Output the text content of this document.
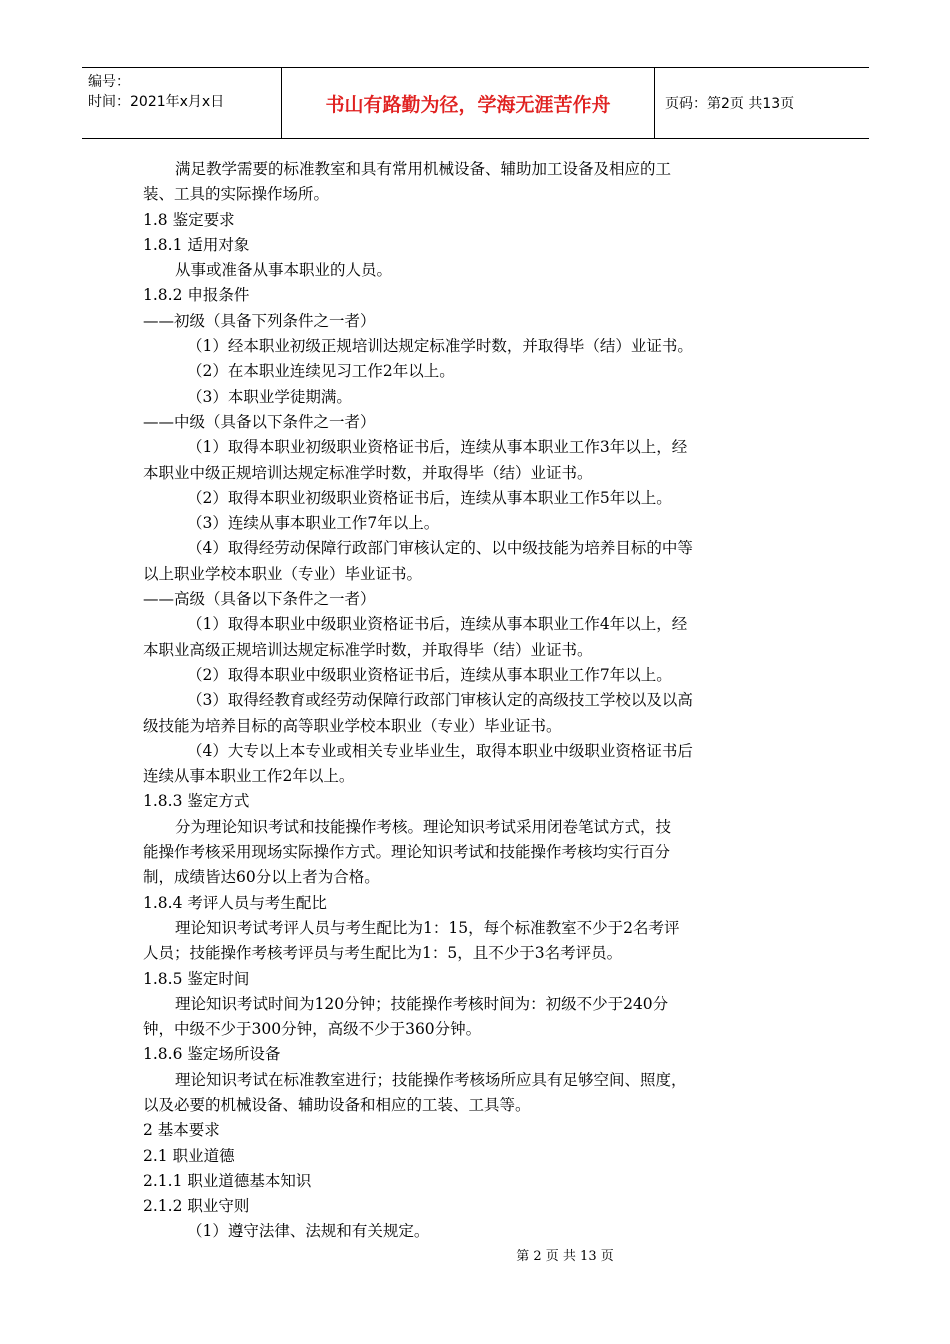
编号：
时间：2021年x月x日	书山有路勤为径，学海无涯苦作舟	页码：第2页 共13页
满足教学需要的标准教室和具有常用机械设备、辅助加工设备及相应的工
装、工具的实际操作场所。
1.8 鉴定要求
1.8.1 适用对象
从事或准备从事本职业的人员。
1.8.2 申报条件
——初级（具备下列条件之一者）
（1）经本职业初级正规培训达规定标准学时数，并取得毕（结）业证书。
（2）在本职业连续见习工作2年以上。
（3）本职业学徒期满。
——中级（具备以下条件之一者）
（1）取得本职业初级职业资格证书后，连续从事本职业工作3年以上，经
本职业中级正规培训达规定标准学时数，并取得毕（结）业证书。
（2）取得本职业初级职业资格证书后，连续从事本职业工作5年以上。
（3）连续从事本职业工作7年以上。
（4）取得经劳动保障行政部门审核认定的、以中级技能为培养目标的中等
以上职业学校本职业（专业）毕业证书。
——高级（具备以下条件之一者）
（1）取得本职业中级职业资格证书后，连续从事本职业工作4年以上，经
本职业高级正规培训达规定标准学时数，并取得毕（结）业证书。
（2）取得本职业中级职业资格证书后，连续从事本职业工作7年以上。
（3）取得经教育或经劳动保障行政部门审核认定的高级技工学校以及以高
级技能为培养目标的高等职业学校本职业（专业）毕业证书。
（4）大专以上本专业或相关专业毕业生，取得本职业中级职业资格证书后
连续从事本职业工作2年以上。
1.8.3 鉴定方式
分为理论知识考试和技能操作考核。理论知识考试采用闭卷笔试方式，技
能操作考核采用现场实际操作方式。理论知识考试和技能操作考核均实行百分
制，成绩皆达60分以上者为合格。
1.8.4 考评人员与考生配比
理论知识考试考评人员与考生配比为1：15，每个标准教室不少于2名考评
人员；技能操作考核考评员与考生配比为1：5，且不少于3名考评员。
1.8.5 鉴定时间
理论知识考试时间为120分钟；技能操作考核时间为：初级不少于240分
钟，中级不少于300分钟，高级不少于360分钟。
1.8.6 鉴定场所设备
理论知识考试在标准教室进行；技能操作考核场所应具有足够空间、照度，
以及必要的机械设备、辅助设备和相应的工装、工具等。
2 基本要求
2.1 职业道德
2.1.1 职业道德基本知识
2.1.2 职业守则
（1）遵守法律、法规和有关规定。
第 2 页 共 13 页
